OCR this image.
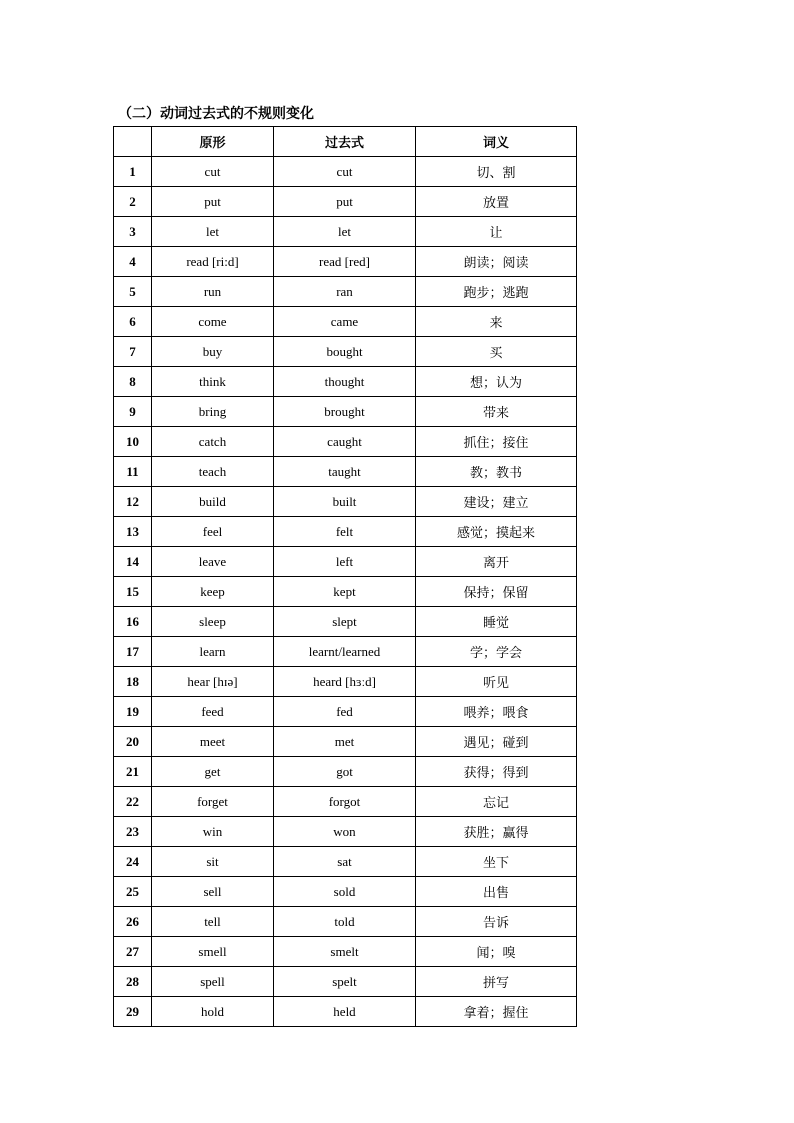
（二）动词过去式的不规则变化
	原形	过去式	词义
1	cut	cut	切、割
2	put	put	放置
3	let	let	让
4	read [ri:d]	read [red]	朗读；阅读
5	run	ran	跑步；逃跑
6	come	came	来
7	buy	bought	买
8	think	thought	想；认为
9	bring	brought	带来
10	catch	caught	抓住；接住
11	teach	taught	教；教书
12	build	built	建设；建立
13	feel	felt	感觉；摸起来
14	leave	left	离开
15	keep	kept	保持；保留
16	sleep	slept	睡觉
17	learn	learnt/learned	学；学会
18	hear [hɪə]	heard [hɜːd]	听见
19	feed	fed	喂养；喂食
20	meet	met	遇见；碰到
21	get	got	获得；得到
22	forget	forgot	忘记
23	win	won	获胜；赢得
24	sit	sat	坐下
25	sell	sold	出售
26	tell	told	告诉
27	smell	smelt	闻；嗅
28	spell	spelt	拼写
29	hold	held	拿着；握住
